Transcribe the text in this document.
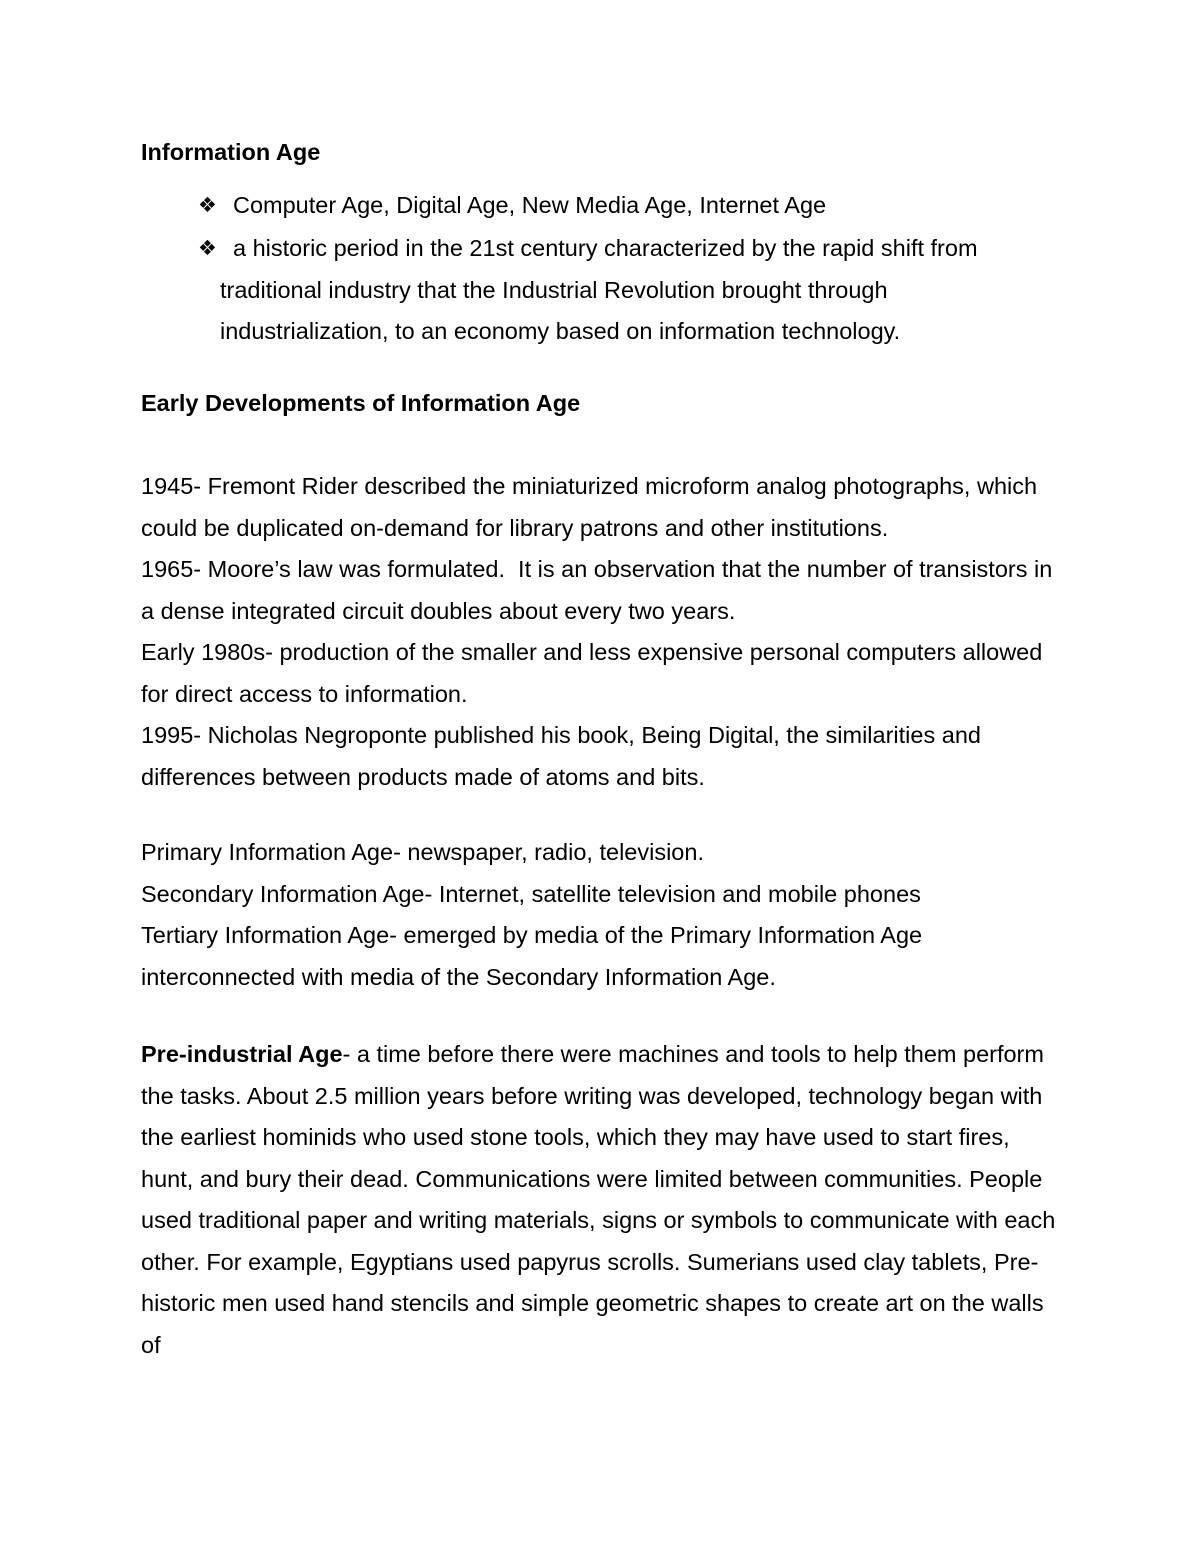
Information Age
❖ Computer Age, Digital Age, New Media Age, Internet Age
❖ a historic period in the 21st century characterized by the rapid shift from traditional industry that the Industrial Revolution brought through industrialization, to an economy based on information technology.
Early Developments of Information Age

1945- Fremont Rider described the miniaturized microform analog photographs, which could be duplicated on-demand for library patrons and other institutions.

1965- Moore’s law was formulated.  It is an observation that the number of transistors in a dense integrated circuit doubles about every two years.

Early 1980s- production of the smaller and less expensive personal computers allowed for direct access to information.

1995- Nicholas Negroponte published his book, Being Digital, the similarities and differences between products made of atoms and bits.

Primary Information Age- newspaper, radio, television.

Secondary Information Age- Internet, satellite television and mobile phones

Tertiary Information Age- emerged by media of the Primary Information Age interconnected with media of the Secondary Information Age.

Pre-industrial Age- a time before there were machines and tools to help them perform the tasks. About 2.5 million years before writing was developed, technology began with the earliest hominids who used stone tools, which they may have used to start fires, hunt, and bury their dead. Communications were limited between communities. People used traditional paper and writing materials, signs or symbols to communicate with each other. For example, Egyptians used papyrus scrolls. Sumerians used clay tablets, Pre-historic men used hand stencils and simple geometric shapes to create art on the walls of
